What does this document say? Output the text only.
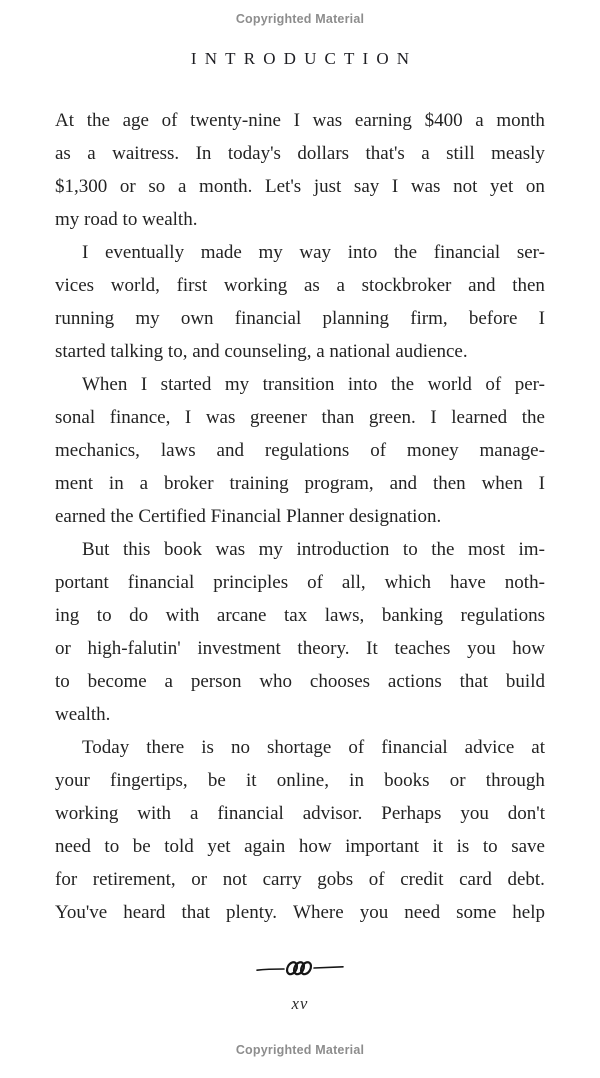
Copyrighted Material
INTRODUCTION
At the age of twenty-nine I was earning $400 a month
as a waitress. In today's dollars that's a still measly
$1,300 or so a month. Let's just say I was not yet on
my road to wealth.
I eventually made my way into the financial ser-
vices world, first working as a stockbroker and then
running my own financial planning firm, before I
started talking to, and counseling, a national audience.
When I started my transition into the world of per-
sonal finance, I was greener than green. I learned the
mechanics, laws and regulations of money manage-
ment in a broker training program, and then when I
earned the Certified Financial Planner designation.
But this book was my introduction to the most im-
portant financial principles of all, which have noth-
ing to do with arcane tax laws, banking regulations
or high-falutin' investment theory. It teaches you how
to become a person who chooses actions that build
wealth.
Today there is no shortage of financial advice at
your fingertips, be it online, in books or through
working with a financial advisor. Perhaps you don't
need to be told yet again how important it is to save
for retirement, or not carry gobs of credit card debt.
You've heard that plenty. Where you need some help
xv
Copyrighted Material
